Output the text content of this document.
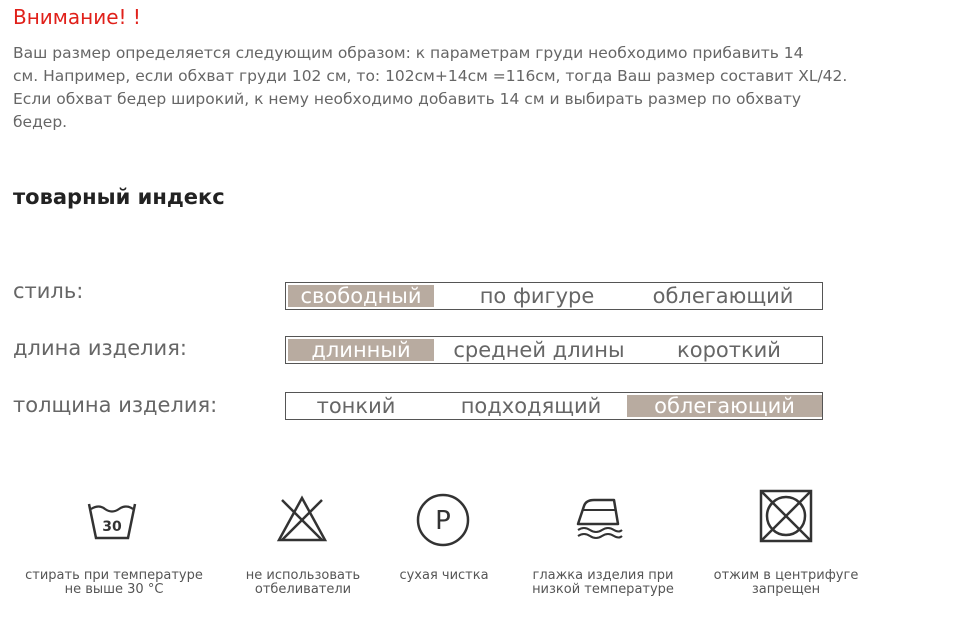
Внимание! !

Ваш размер определяется следующим образом: к параметрам груди необходимо прибавить 14
см. Например, если обхват груди 102 см, то: 102см+14см =116см, тогда Ваш размер составит XL/42.
Если обхват бедер широкий, к нему необходимо добавить 14 см и выбирать размер по обхвату
бедер.

товарный индекс
стиль:	свободный	по фигуре	облегающий
длина изделия:	длинный	средней длины	короткий
толщина изделия:	тонкий	подходящий	облегающий
30
стирать при температуре
не выше 30 °C
не использовать
отбеливатели
P
сухая чистка	глажка изделия при
низкой температуре
отжим в центрифуге
запрещен
